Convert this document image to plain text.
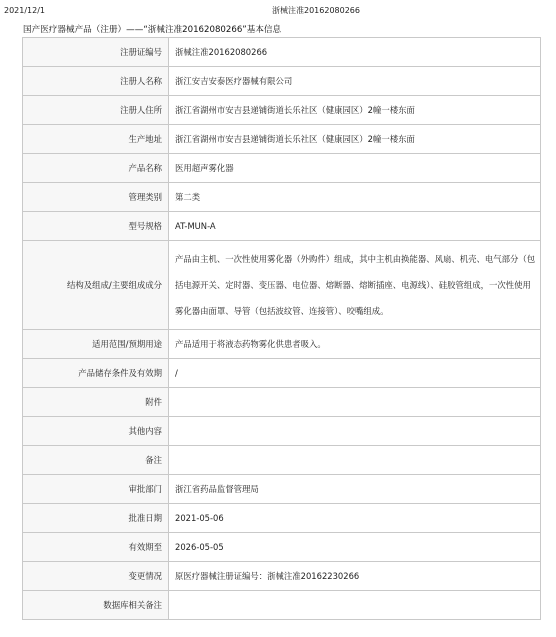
2021/12/1	浙械注准20162080266
国产医疗器械产品（注册）——“浙械注准20162080266”基本信息
注册证编号	浙械注准20162080266
注册人名称	浙江安吉安泰医疗器械有限公司
注册人住所	浙江省湖州市安吉县递铺街道长乐社区（健康园区）2幢一楼东面
生产地址	浙江省湖州市安吉县递铺街道长乐社区（健康园区）2幢一楼东面
产品名称	医用超声雾化器
管理类别	第二类
型号规格	AT-MUN-A
结构及组成/主要组成成分	产品由主机、一次性使用雾化器（外购件）组成，其中主机由换能器、风扇、机壳、电气部分（包括电源开关、定时器、变压器、电位器、熔断器、熔断插座、电源线）、硅胶管组成，一次性使用雾化器由面罩、导管（包括波纹管、连接管）、咬嘴组成。
适用范围/预期用途	产品适用于将液态药物雾化供患者吸入。
产品储存条件及有效期	/
附件	
其他内容	
备注	
审批部门	浙江省药品监督管理局
批准日期	2021-05-06
有效期至	2026-05-05
变更情况	原医疗器械注册证编号：浙械注准20162230266
数据库相关备注	
